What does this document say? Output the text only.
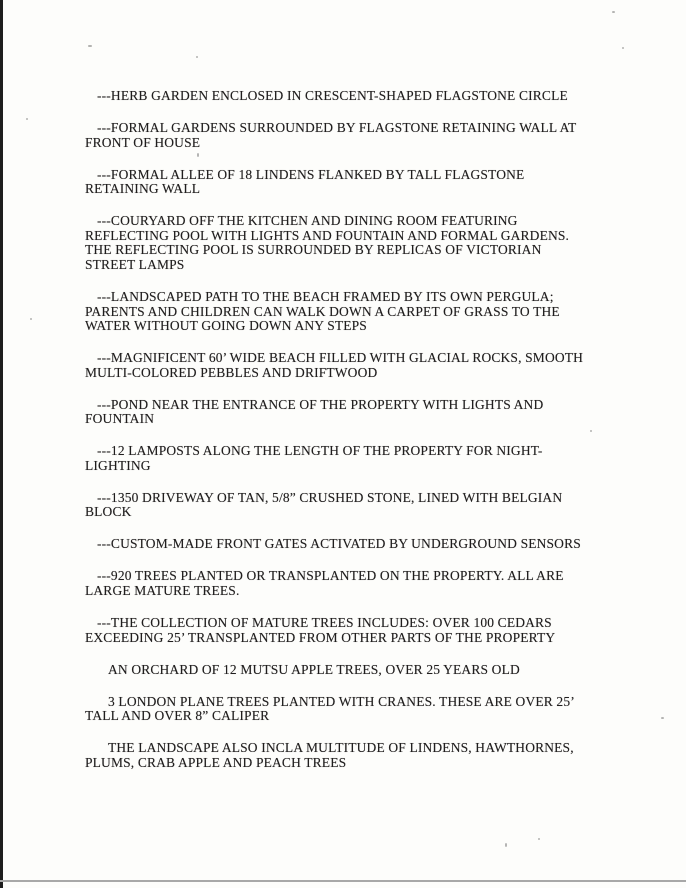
---HERB GARDEN ENCLOSED IN CRESCENT-SHAPED FLAGSTONE CIRCLE
---FORMAL GARDENS SURROUNDED BY FLAGSTONE RETAINING WALL AT
FRONT OF HOUSE
---FORMAL ALLEE OF 18 LINDENS FLANKED BY TALL FLAGSTONE
RETAINING WALL
---COURYARD OFF THE KITCHEN AND DINING ROOM FEATURING
REFLECTING POOL WITH LIGHTS AND FOUNTAIN AND FORMAL GARDENS.
THE REFLECTING POOL IS SURROUNDED BY REPLICAS OF VICTORIAN
STREET LAMPS
---LANDSCAPED PATH TO THE BEACH FRAMED BY ITS OWN PERGULA;
PARENTS AND CHILDREN CAN WALK DOWN A CARPET OF GRASS TO THE
WATER WITHOUT GOING DOWN ANY STEPS
---MAGNIFICENT 60’ WIDE BEACH FILLED WITH GLACIAL ROCKS, SMOOTH
MULTI-COLORED PEBBLES AND DRIFTWOOD
---POND NEAR THE ENTRANCE OF THE PROPERTY WITH LIGHTS AND
FOUNTAIN
---12 LAMPOSTS ALONG THE LENGTH OF THE PROPERTY FOR NIGHT-
LIGHTING
---1350 DRIVEWAY OF TAN, 5/8” CRUSHED STONE, LINED WITH BELGIAN
BLOCK
---CUSTOM-MADE FRONT GATES ACTIVATED BY UNDERGROUND SENSORS
---920 TREES PLANTED OR TRANSPLANTED ON THE PROPERTY. ALL ARE
LARGE MATURE TREES.
---THE COLLECTION OF MATURE TREES INCLUDES: OVER 100 CEDARS
EXCEEDING 25’ TRANSPLANTED FROM OTHER PARTS OF THE PROPERTY
AN ORCHARD OF 12 MUTSU APPLE TREES, OVER 25 YEARS OLD
3 LONDON PLANE TREES PLANTED WITH CRANES. THESE ARE OVER 25’
TALL AND OVER 8” CALIPER
THE LANDSCAPE ALSO INCLA MULTITUDE OF LINDENS, HAWTHORNES,
PLUMS, CRAB APPLE AND PEACH TREES
